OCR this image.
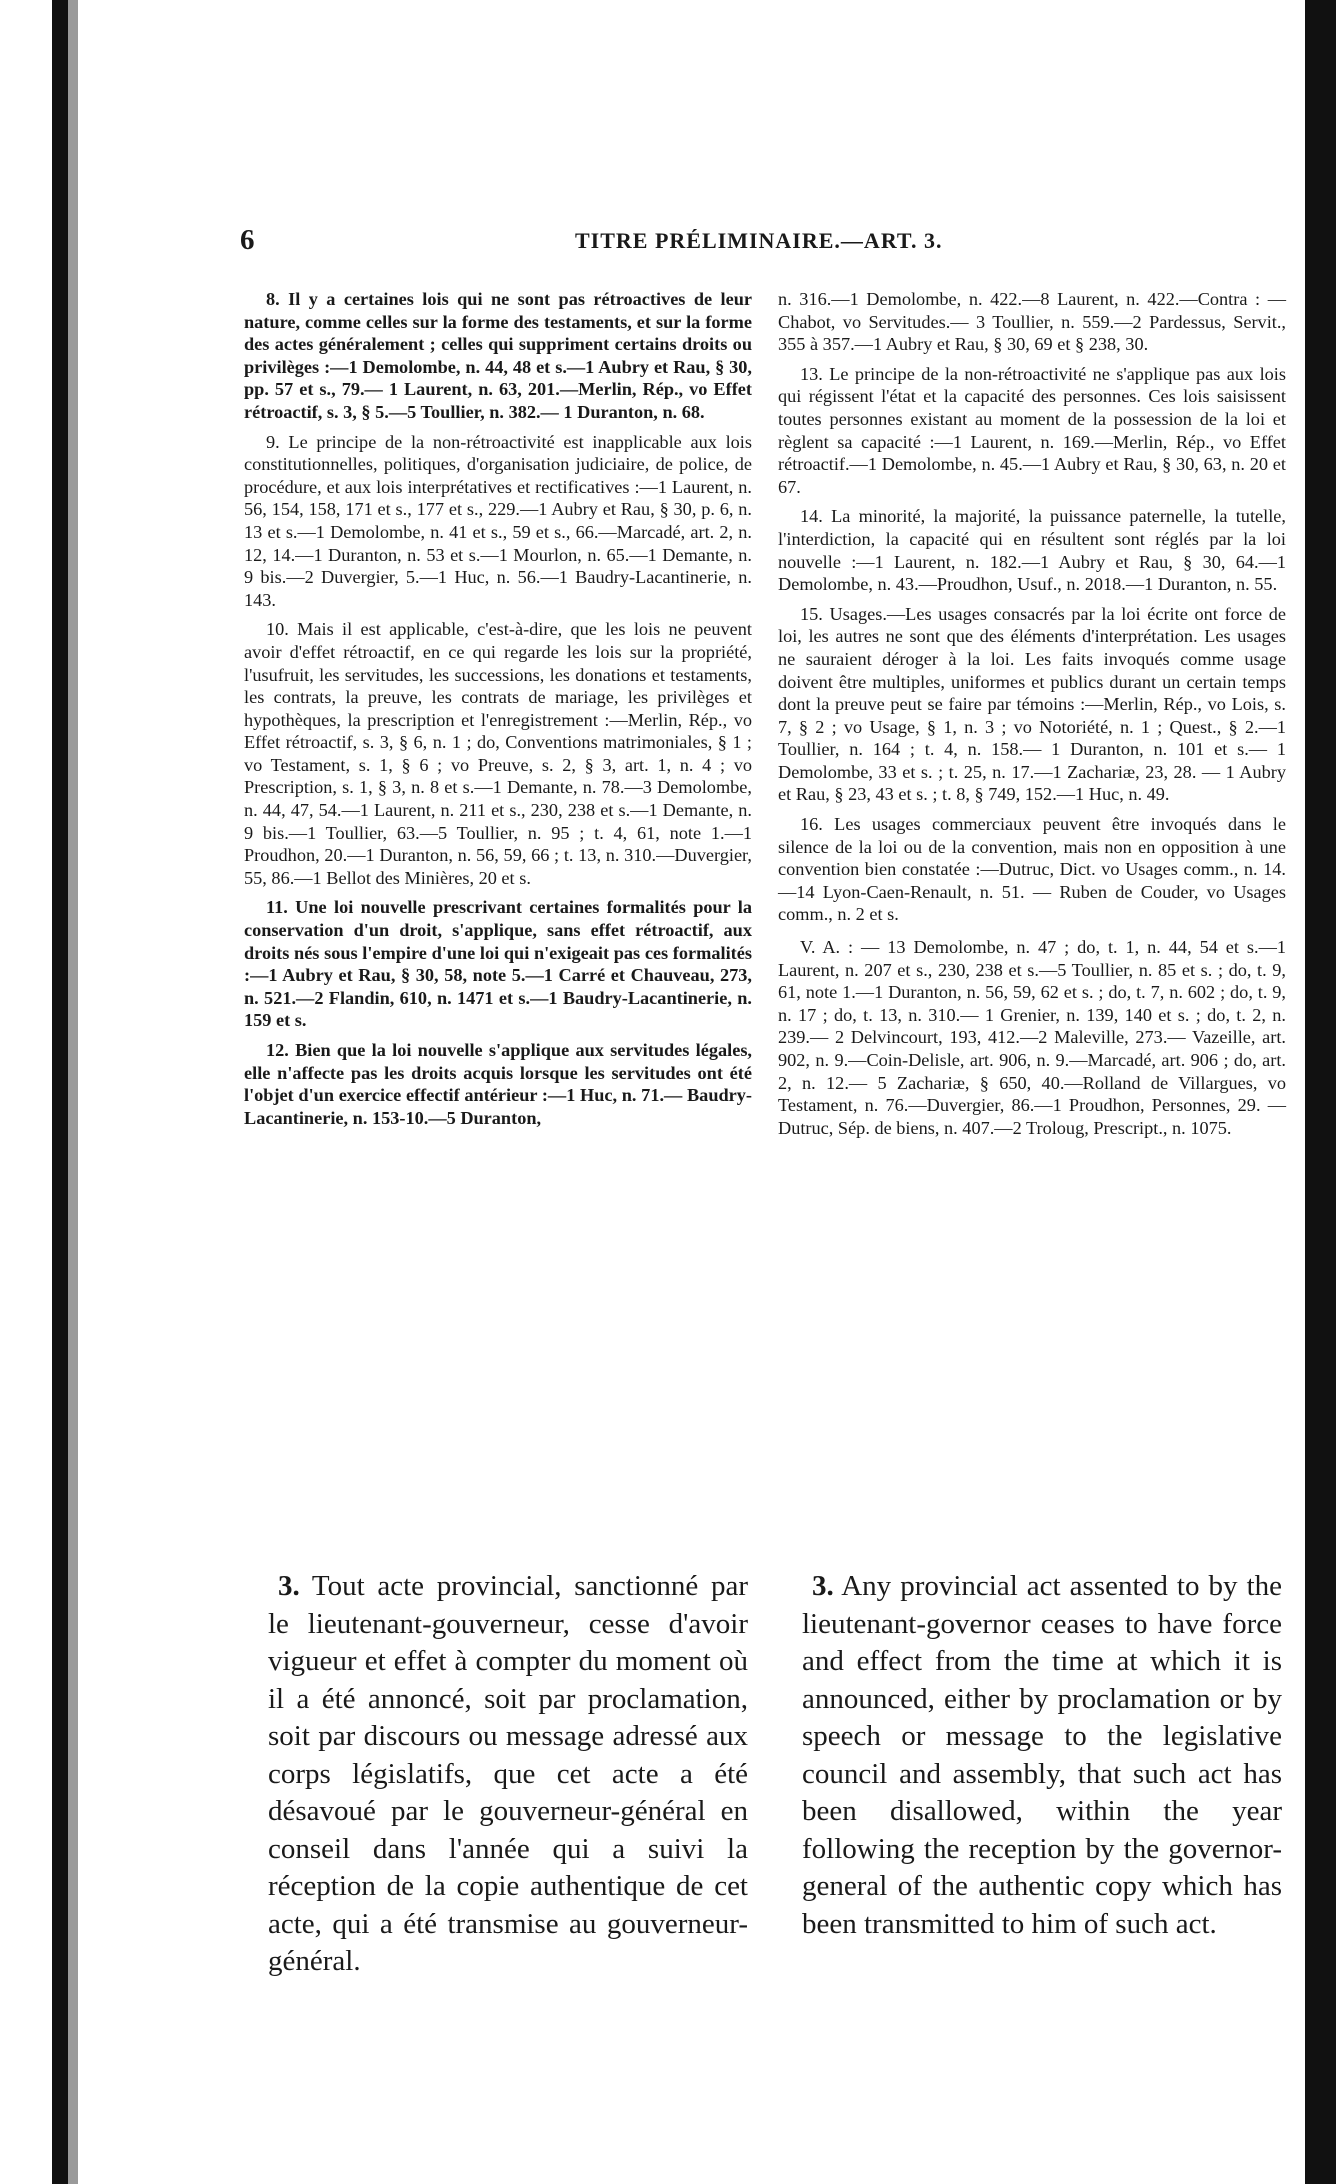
6	TITRE PRÉLIMINAIRE.—ART. 3.

8. Il y a certaines lois qui ne sont pas rétroactives de leur nature, comme celles sur la forme des testaments, et sur la forme des actes généralement ; celles qui suppriment certains droits ou privilèges :—1 Demolombe, n. 44, 48 et s.—1 Aubry et Rau, § 30, pp. 57 et s., 79.— 1 Laurent, n. 63, 201.—Merlin, Rép., vo Effet rétroactif, s. 3, § 5.—5 Toullier, n. 382.— 1 Duranton, n. 68.

9. Le principe de la non-rétroactivité est inapplicable aux lois constitutionnelles, politiques, d'organisation judiciaire, de police, de procédure, et aux lois interprétatives et rectificatives :—1 Laurent, n. 56, 154, 158, 171 et s., 177 et s., 229.—1 Aubry et Rau, § 30, p. 6, n. 13 et s.—1 Demolombe, n. 41 et s., 59 et s., 66.—Marcadé, art. 2, n. 12, 14.—1 Duranton, n. 53 et s.—1 Mourlon, n. 65.—1 Demante, n. 9 bis.—2 Duvergier, 5.—1 Huc, n. 56.—1 Baudry-Lacantinerie, n. 143.

10. Mais il est applicable, c'est-à-dire, que les lois ne peuvent avoir d'effet rétroactif, en ce qui regarde les lois sur la propriété, l'usufruit, les servitudes, les successions, les donations et testaments, les contrats, la preuve, les contrats de mariage, les privilèges et hypothèques, la prescription et l'enregistrement :—Merlin, Rép., vo Effet rétroactif, s. 3, § 6, n. 1 ; do, Conventions matrimoniales, § 1 ; vo Testament, s. 1, § 6 ; vo Preuve, s. 2, § 3, art. 1, n. 4 ; vo Prescription, s. 1, § 3, n. 8 et s.—1 Demante, n. 78.—3 Demolombe, n. 44, 47, 54.—1 Laurent, n. 211 et s., 230, 238 et s.—1 Demante, n. 9 bis.—1 Toullier, 63.—5 Toullier, n. 95 ; t. 4, 61, note 1.—1 Proudhon, 20.—1 Duranton, n. 56, 59, 66 ; t. 13, n. 310.—Duvergier, 55, 86.—1 Bellot des Minières, 20 et s.

11. Une loi nouvelle prescrivant certaines formalités pour la conservation d'un droit, s'applique, sans effet rétroactif, aux droits nés sous l'empire d'une loi qui n'exigeait pas ces formalités :—1 Aubry et Rau, § 30, 58, note 5.—1 Carré et Chauveau, 273, n. 521.—2 Flandin, 610, n. 1471 et s.—1 Baudry-Lacantinerie, n. 159 et s.

12. Bien que la loi nouvelle s'applique aux servitudes légales, elle n'affecte pas les droits acquis lorsque les servitudes ont été l'objet d'un exercice effectif antérieur :—1 Huc, n. 71.— Baudry-Lacantinerie, n. 153-10.—5 Duranton,

n. 316.—1 Demolombe, n. 422.—8 Laurent, n. 422.—Contra : — Chabot, vo Servitudes.— 3 Toullier, n. 559.—2 Pardessus, Servit., 355 à 357.—1 Aubry et Rau, § 30, 69 et § 238, 30.

13. Le principe de la non-rétroactivité ne s'applique pas aux lois qui régissent l'état et la capacité des personnes. Ces lois saisissent toutes personnes existant au moment de la possession de la loi et règlent sa capacité :—1 Laurent, n. 169.—Merlin, Rép., vo Effet rétroactif.—1 Demolombe, n. 45.—1 Aubry et Rau, § 30, 63, n. 20 et 67.

14. La minorité, la majorité, la puissance paternelle, la tutelle, l'interdiction, la capacité qui en résultent sont réglés par la loi nouvelle :—1 Laurent, n. 182.—1 Aubry et Rau, § 30, 64.—1 Demolombe, n. 43.—Proudhon, Usuf., n. 2018.—1 Duranton, n. 55.

15. Usages.—Les usages consacrés par la loi écrite ont force de loi, les autres ne sont que des éléments d'interprétation. Les usages ne sauraient déroger à la loi. Les faits invoqués comme usage doivent être multiples, uniformes et publics durant un certain temps dont la preuve peut se faire par témoins :—Merlin, Rép., vo Lois, s. 7, § 2 ; vo Usage, § 1, n. 3 ; vo Notoriété, n. 1 ; Quest., § 2.—1 Toullier, n. 164 ; t. 4, n. 158.— 1 Duranton, n. 101 et s.— 1 Demolombe, 33 et s. ; t. 25, n. 17.—1 Zachariæ, 23, 28. — 1 Aubry et Rau, § 23, 43 et s. ; t. 8, § 749, 152.—1 Huc, n. 49.

16. Les usages commerciaux peuvent être invoqués dans le silence de la loi ou de la convention, mais non en opposition à une convention bien constatée :—Dutruc, Dict. vo Usages comm., n. 14.—14 Lyon-Caen-Renault, n. 51. — Ruben de Couder, vo Usages comm., n. 2 et s.

V. A. : — 13 Demolombe, n. 47 ; do, t. 1, n. 44, 54 et s.—1 Laurent, n. 207 et s., 230, 238 et s.—5 Toullier, n. 85 et s. ; do, t. 9, 61, note 1.—1 Duranton, n. 56, 59, 62 et s. ; do, t. 7, n. 602 ; do, t. 9, n. 17 ; do, t. 13, n. 310.— 1 Grenier, n. 139, 140 et s. ; do, t. 2, n. 239.— 2 Delvincourt, 193, 412.—2 Maleville, 273.— Vazeille, art. 902, n. 9.—Coin-Delisle, art. 906, n. 9.—Marcadé, art. 906 ; do, art. 2, n. 12.— 5 Zachariæ, § 650, 40.—Rolland de Villargues, vo Testament, n. 76.—Duvergier, 86.—1 Proudhon, Personnes, 29. — Dutruc, Sép. de biens, n. 407.—2 Troloug, Prescript., n. 1075.

3. Tout acte provincial, sanctionné par le lieutenant-gouverneur, cesse d'avoir vigueur et effet à compter du moment où il a été annoncé, soit par proclamation, soit par discours ou message adressé aux corps législatifs, que cet acte a été désavoué par le gouverneur-général en conseil dans l'année qui a suivi la réception de la copie authentique de cet acte, qui a été transmise au gouverneur-général.

3. Any provincial act assented to by the lieutenant-governor ceases to have force and effect from the time at which it is announced, either by proclamation or by speech or message to the legislative council and assembly, that such act has been disallowed, within the year following the reception by the governor-general of the authentic copy which has been transmitted to him of such act.
